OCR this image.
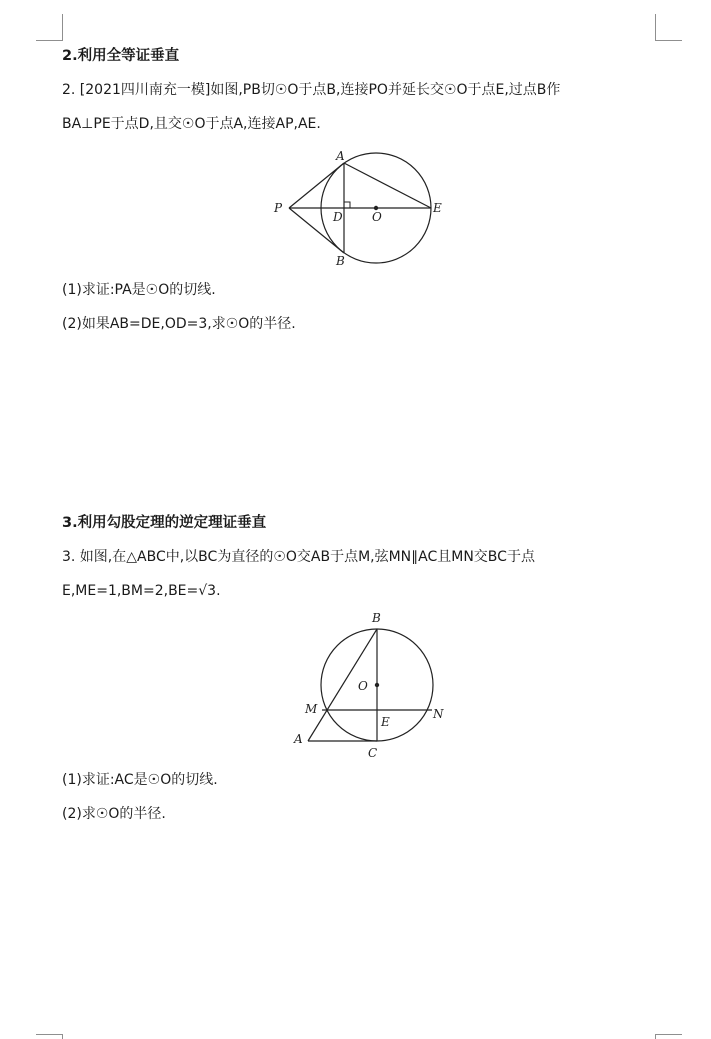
2.利用全等证垂直
2. [2021四川南充一模]如图,PB切☉O于点B,连接PO并延长交☉O于点E,过点B作
BA⊥PE于点D,且交☉O于点A,连接AP,AE.
A
P
D O
E
B
(1)求证:PA是☉O的切线.
(2)如果AB=DE,OD=3,求☉O的半径.
3.利用勾股定理的逆定理证垂直
3. 如图,在△ABC中,以BC为直径的☉O交AB于点M,弦MN∥AC且MN交BC于点
E,ME=1,BM=2,BE=√3.
B
O
M	N
E
A
C
(1)求证:AC是☉O的切线.
(2)求☉O的半径.
